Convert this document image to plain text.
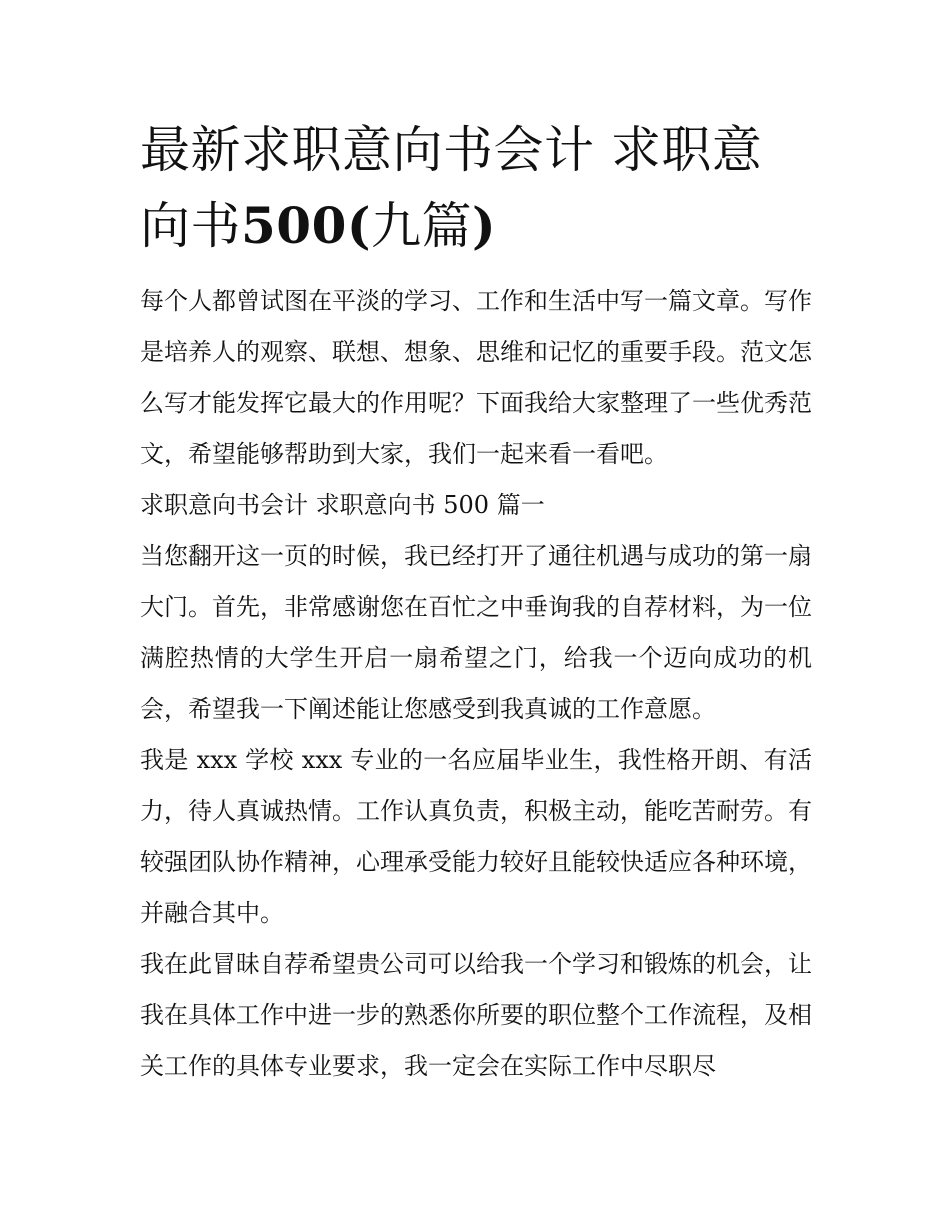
最新求职意向书会计 求职意向书500(九篇)

每个人都曾试图在平淡的学习、工作和生活中写一篇文章。写作是培养人的观察、联想、想象、思维和记忆的重要手段。范文怎么写才能发挥它最大的作用呢？下面我给大家整理了一些优秀范文，希望能够帮助到大家，我们一起来看一看吧。

求职意向书会计 求职意向书 500 篇一

当您翻开这一页的时候，我已经打开了通往机遇与成功的第一扇大门。首先，非常感谢您在百忙之中垂询我的自荐材料，为一位满腔热情的大学生开启一扇希望之门，给我一个迈向成功的机会，希望我一下阐述能让您感受到我真诚的工作意愿。

我是 xxx 学校 xxx 专业的一名应届毕业生，我性格开朗、有活力，待人真诚热情。工作认真负责，积极主动，能吃苦耐劳。有较强团队协作精神，心理承受能力较好且能较快适应各种环境，并融合其中。

我在此冒昧自荐希望贵公司可以给我一个学习和锻炼的机会，让我在具体工作中进一步的熟悉你所要的职位整个工作流程，及相关工作的具体专业要求，我一定会在实际工作中尽职尽
